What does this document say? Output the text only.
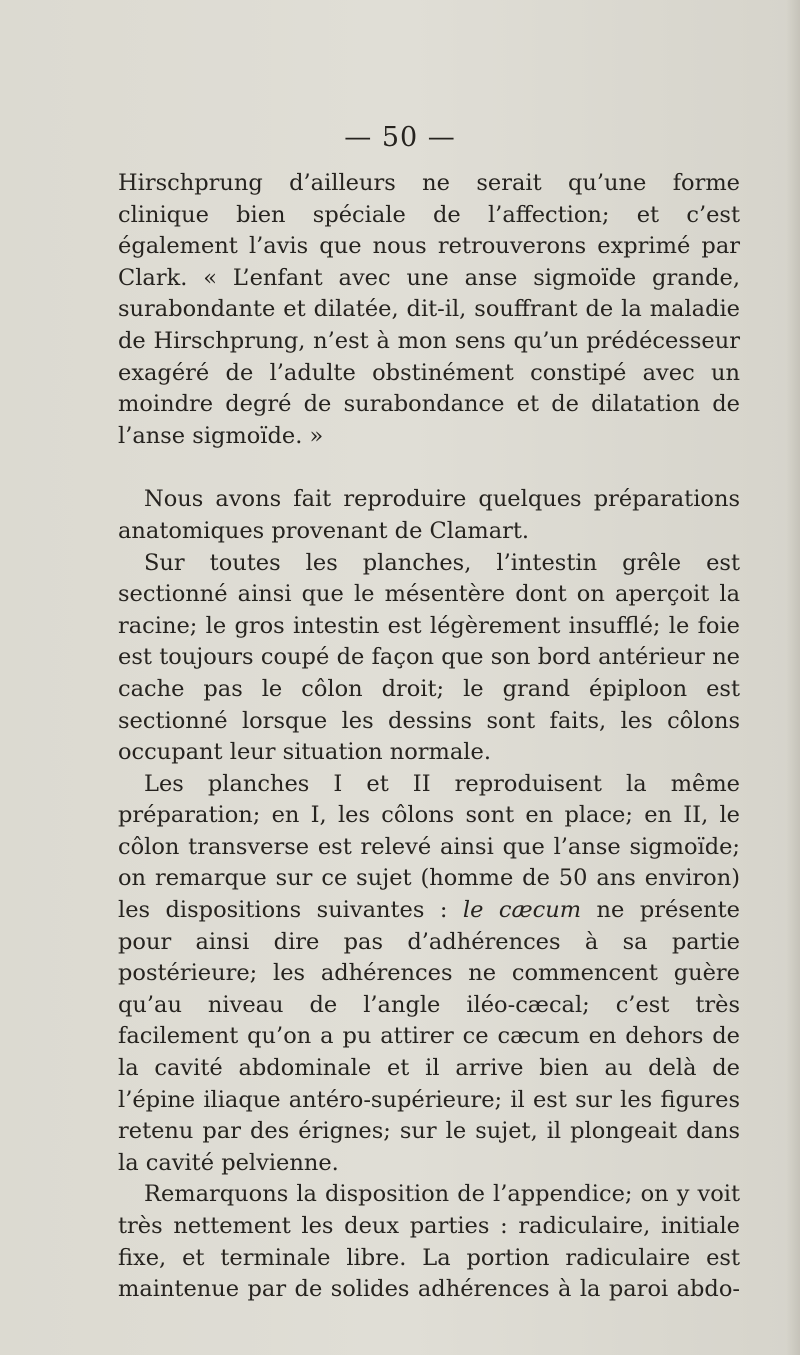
— 50 —

Hirschprung d’ailleurs ne serait qu’une forme clinique bien spéciale de l’affection; et c’est également l’avis que nous retrouverons exprimé par Clark. « L’enfant avec une anse sigmoïde grande, surabondante et dilatée, dit-il, souffrant de la maladie de Hirschprung, n’est à mon sens qu’un prédécesseur exagéré de l’adulte obstinément constipé avec un moindre degré de surabondance et de dilatation de l’anse sigmoïde. »

Nous avons fait reproduire quelques préparations anatomiques provenant de Clamart.

Sur toutes les planches, l’intestin grêle est sectionné ainsi que le mésentère dont on aperçoit la racine; le gros intestin est légèrement insufflé; le foie est toujours coupé de façon que son bord antérieur ne cache pas le côlon droit; le grand épiploon est sectionné lorsque les dessins sont faits, les côlons occupant leur situation normale.

Les planches I et II reproduisent la même préparation; en I, les côlons sont en place; en II, le côlon transverse est relevé ainsi que l’anse sigmoïde; on remarque sur ce sujet (homme de 50 ans environ) les dispositions suivantes : le cæcum ne présente pour ainsi dire pas d’adhérences à sa partie postérieure; les adhérences ne commencent guère qu’au niveau de l’angle iléo-cæcal; c’est très facilement qu’on a pu attirer ce cæcum en dehors de la cavité abdominale et il arrive bien au delà de l’épine iliaque antéro-supérieure; il est sur les figures retenu par des érignes; sur le sujet, il plongeait dans la cavité pelvienne.

Remarquons la disposition de l’appendice; on y voit très nettement les deux parties : radiculaire, initiale fixe, et terminale libre. La portion radiculaire est maintenue par de solides adhérences à la paroi abdo-
